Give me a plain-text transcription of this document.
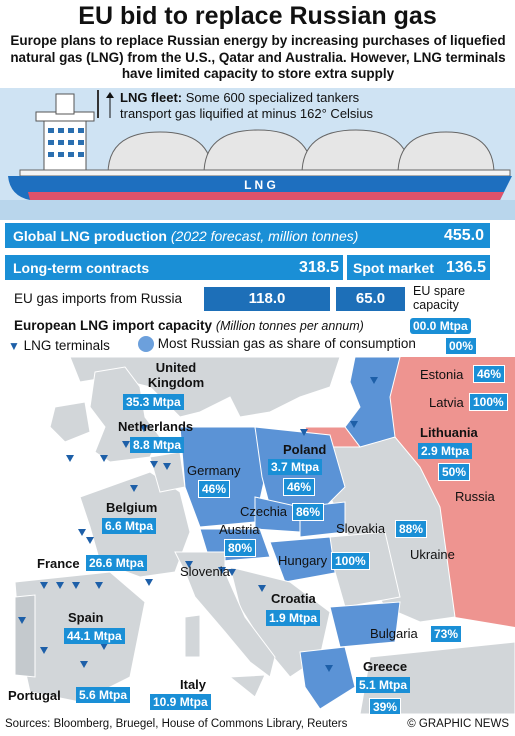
EU bid to replace Russian gas
Europe plans to replace Russian energy by increasing purchases of liquefied natural gas (LNG) from the U.S., Qatar and Australia. However, LNG terminals have limited capacity to store extra supply
L N G
LNG fleet: Some 600 specialized tankers transport gas liquified at minus 162° Celsius
Global LNG production (2022 forecast, million tonnes)	455.0
Long-term contracts	318.5 Spot market 136.5
EU gas imports from Russia	118.0	65.0	EU spare capacity
European LNG import capacity (Million tonnes per annum)	00.0 Mtpa
▼ LNG terminals	Most Russian gas as share of consumption	00%
United Kingdom
35.3 Mtpa
Netherlands
8.8 Mtpa
Belgium
6.6 Mtpa
France 26.6 Mtpa
Spain
44.1 Mtpa
Portugal 5.6 Mtpa
Italy
10.9 Mtpa
Poland
3.7 Mtpa
46%
Lithuania
2.9 Mtpa
50%
Croatia
1.9 Mtpa
Greece
5.1 Mtpa
39%
Estonia	46%
Latvia 100%
Germany
46%
Czechia 86%
Slovakia	88%
Austria
80%
Hungary 100%
Slovenia
Bulgaria	73%
Russia
Ukraine
Sources: Bloomberg, Bruegel, House of Commons Library, Reuters	© GRAPHIC NEWS
